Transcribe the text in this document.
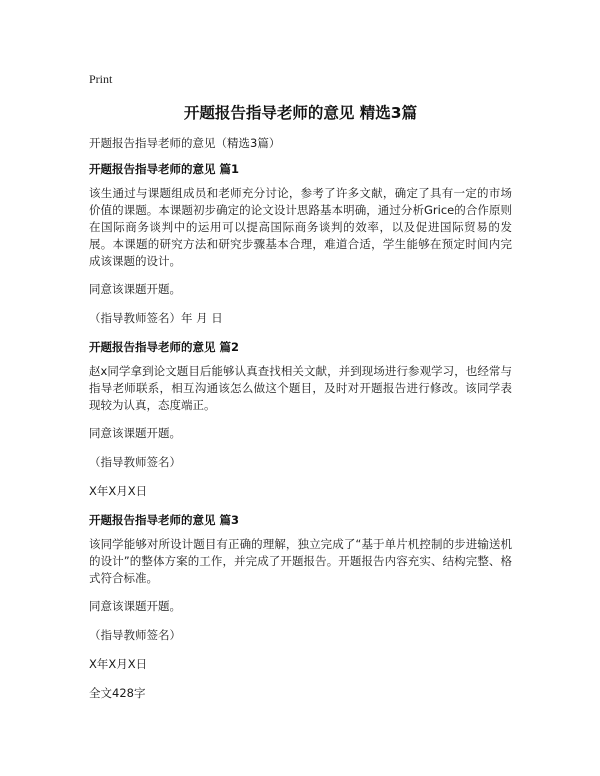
Print
开题报告指导老师的意见 精选3篇
开题报告指导老师的意见（精选3篇）
开题报告指导老师的意见 篇1
该生通过与课题组成员和老师充分讨论，参考了许多文献，确定了具有一定的市场价值的课题。本课题初步确定的论文设计思路基本明确，通过分析Grice的合作原则在国际商务谈判中的运用可以提高国际商务谈判的效率，以及促进国际贸易的发展。本课题的研究方法和研究步骤基本合理，难道合适，学生能够在预定时间内完成该课题的设计。
同意该课题开题。
（指导教师签名）年 月 日
开题报告指导老师的意见 篇2
赵x同学拿到论文题目后能够认真查找相关文献，并到现场进行参观学习，也经常与指导老师联系，相互沟通该怎么做这个题目，及时对开题报告进行修改。该同学表现较为认真，态度端正。
同意该课题开题。
（指导教师签名）
X年X月X日
开题报告指导老师的意见 篇3
该同学能够对所设计题目有正确的理解，独立完成了“基于单片机控制的步进输送机的设计”的整体方案的工作，并完成了开题报告。开题报告内容充实、结构完整、格式符合标准。
同意该课题开题。
（指导教师签名）
X年X月X日
全文428字
